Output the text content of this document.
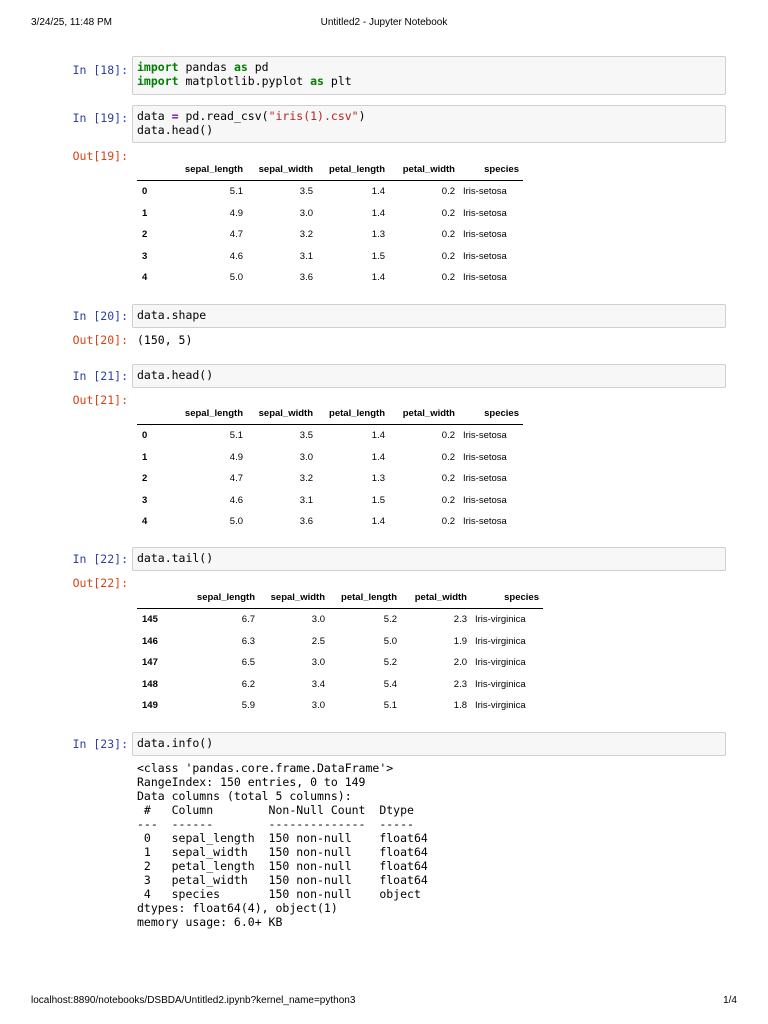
3/24/25, 11:48 PM	Untitled2 - Jupyter Notebook
In [18]: import pandas as pd
import matplotlib.pyplot as plt
In [19]: data = pd.read_csv("iris(1).csv")
data.head()
Out[19]:
	sepal_length	sepal_width	petal_length	petal_width	species
0	5.1	3.5	1.4	0.2	Iris-setosa
1	4.9	3.0	1.4	0.2	Iris-setosa
2	4.7	3.2	1.3	0.2	Iris-setosa
3	4.6	3.1	1.5	0.2	Iris-setosa
4	5.0	3.6	1.4	0.2	Iris-setosa
In [20]: data.shape
Out[20]: (150, 5)
In [21]: data.head()
Out[21]:
	sepal_length	sepal_width	petal_length	petal_width	species
0	5.1	3.5	1.4	0.2	Iris-setosa
1	4.9	3.0	1.4	0.2	Iris-setosa
2	4.7	3.2	1.3	0.2	Iris-setosa
3	4.6	3.1	1.5	0.2	Iris-setosa
4	5.0	3.6	1.4	0.2	Iris-setosa
In [22]: data.tail()
Out[22]:
	sepal_length	sepal_width	petal_length	petal_width	species
145	6.7	3.0	5.2	2.3	Iris-virginica
146	6.3	2.5	5.0	1.9	Iris-virginica
147	6.5	3.0	5.2	2.0	Iris-virginica
148	6.2	3.4	5.4	2.3	Iris-virginica
149	5.9	3.0	5.1	1.8	Iris-virginica
In [23]: data.info()
<class 'pandas.core.frame.DataFrame'>
RangeIndex: 150 entries, 0 to 149
Data columns (total 5 columns):
#   Column        Non-Null Count  Dtype
---  ------        --------------  -----
0   sepal_length  150 non-null    float64
1   sepal_width   150 non-null    float64
2   petal_length  150 non-null    float64
3   petal_width   150 non-null    float64
4   species       150 non-null    object
dtypes: float64(4), object(1)
memory usage: 6.0+ KB
localhost:8890/notebooks/DSBDA/Untitled2.ipynb?kernel_name=python3	1/4
